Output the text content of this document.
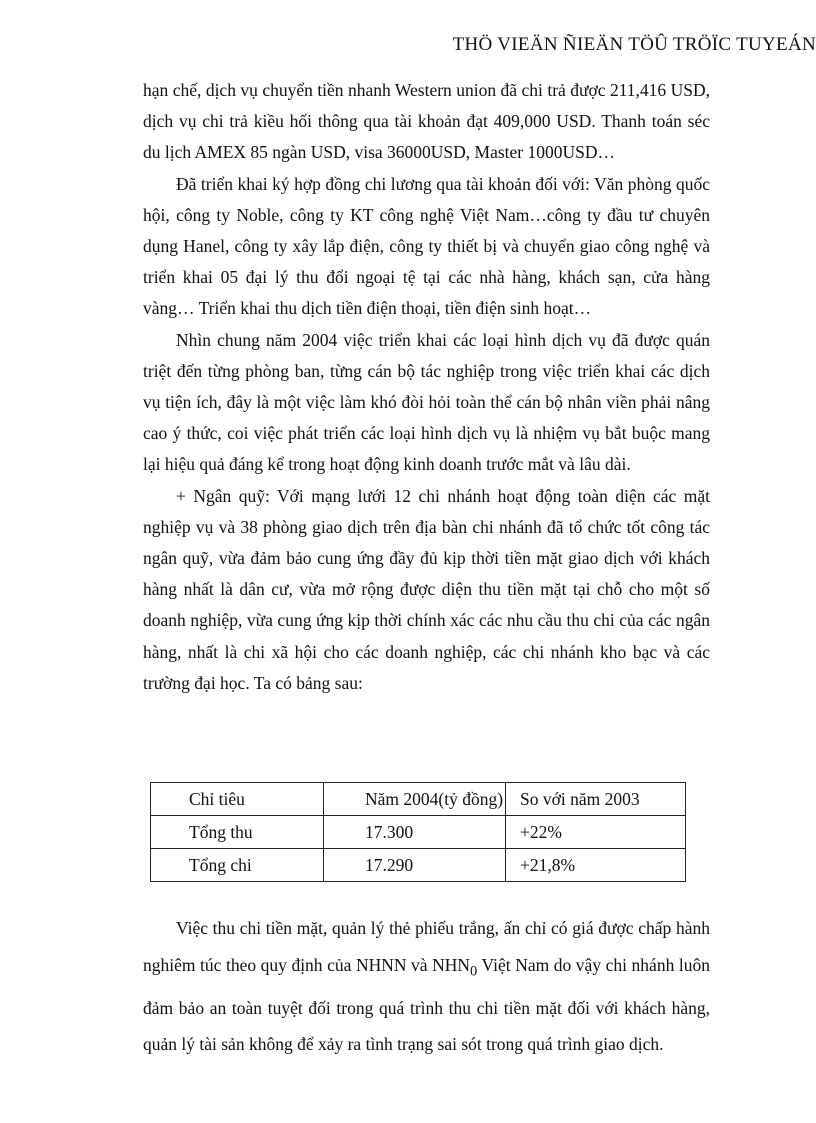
THÖ VIEÄN ÑIEÄN TÖÛ TRÖÏC TUYEÁN

hạn chế, dịch vụ chuyển tiền nhanh Western union đã chi trả được 211,416 USD, dịch vụ chi trả kiều hối thông qua tài khoản đạt 409,000 USD. Thanh toán séc du lịch AMEX 85 ngàn USD, visa 36000USD, Master 1000USD…

Đã triển khai ký hợp đồng chi lương qua tài khoản đối với: Văn phòng quốc hội, công ty Noble, công ty KT công nghệ Việt Nam…công ty đầu tư chuyên dụng Hanel, công ty xây lắp điện, công ty thiết bị và chuyển giao công nghệ và triển khai 05 đại lý thu đổi ngoại tệ tại các nhà hàng, khách sạn, cửa hàng vàng… Triển khai thu dịch tiền điện thoại, tiền điện sinh hoạt…

Nhìn chung năm 2004 việc triển khai các loại hình dịch vụ đã được quán triệt đến từng phòng ban, từng cán bộ tác nghiệp trong việc triển khai các dịch vụ tiện ích, đây là một việc làm khó đòi hỏi toàn thể cán bộ nhân viền phải nâng cao ý thức, coi việc phát triển các loại hình dịch vụ là nhiệm vụ bắt buộc mang lại hiệu quả đáng kể trong hoạt động kinh doanh trước mắt và lâu dài.

+ Ngân quỹ: Với mạng lưới 12 chi nhánh hoạt động toàn diện các mặt nghiệp vụ và 38 phòng giao dịch trên địa bàn chi nhánh đã tổ chức tốt công tác ngân quỹ, vừa đảm bảo cung ứng đầy đủ kịp thời tiền mặt giao dịch với khách hàng nhất là dân cư, vừa mở rộng được diện thu tiền mặt tại chỗ cho một số doanh nghiệp, vừa cung ứng kịp thời chính xác các nhu cầu thu chi của các ngân hàng, nhất là chi xã hội cho các doanh nghiệp, các chi nhánh kho bạc và các trường đại học. Ta có bảng sau:

Chỉ tiêu	Năm 2004(tỷ đồng)	So với năm 2003
Tổng thu	17.300	+22%
Tổng chi	17.290	+21,8%

Việc thu chi tiền mặt, quản lý thẻ phiếu trắng, ấn chỉ có giá được chấp hành nghiêm túc theo quy định của NHNN và $NHN_0$ Việt Nam do vậy chi nhánh luôn đảm bảo an toàn tuyệt đối trong quá trình thu chi tiền mặt đối với khách hàng, quản lý tài sản không để xảy ra tình trạng sai sót trong quá trình giao dịch.
